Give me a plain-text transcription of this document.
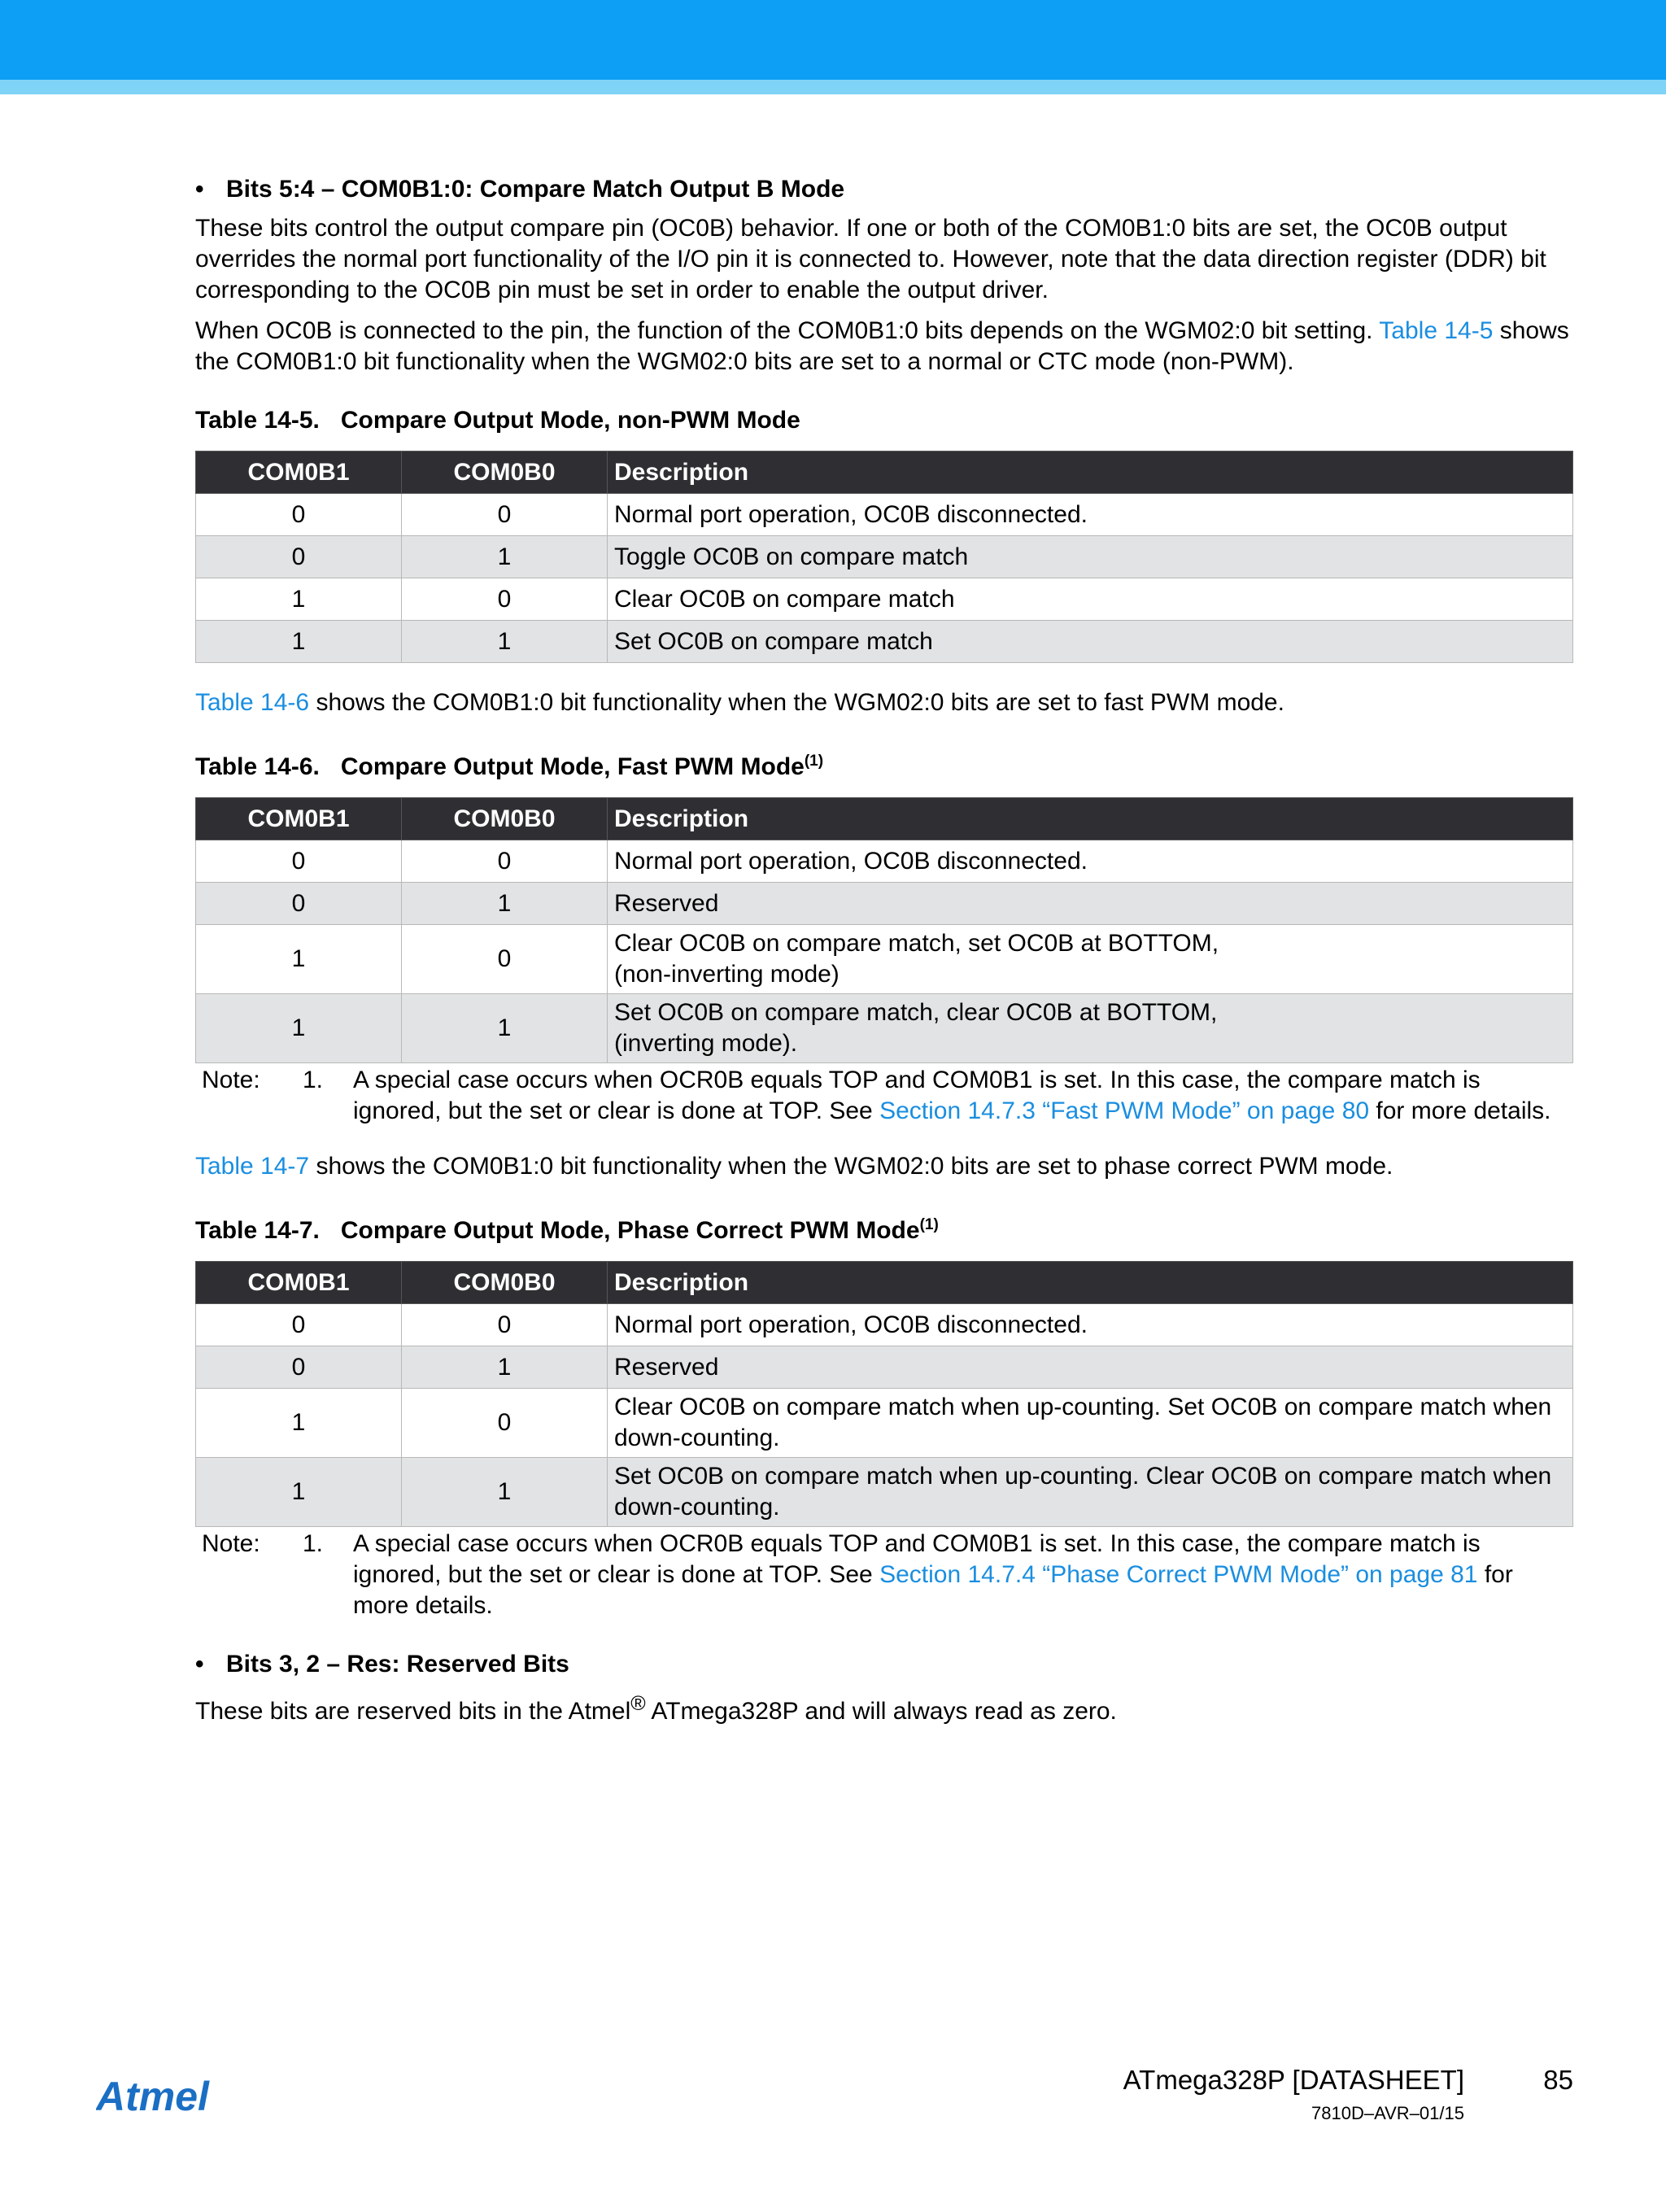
• Bits 5:4 – COM0B1:0: Compare Match Output B Mode

These bits control the output compare pin (OC0B) behavior. If one or both of the COM0B1:0 bits are set, the OC0B output overrides the normal port functionality of the I/O pin it is connected to. However, note that the data direction register (DDR) bit corresponding to the OC0B pin must be set in order to enable the output driver.

When OC0B is connected to the pin, the function of the COM0B1:0 bits depends on the WGM02:0 bit setting. Table 14-5 shows the COM0B1:0 bit functionality when the WGM02:0 bits are set to a normal or CTC mode (non-PWM).

Table 14-5. Compare Output Mode, non-PWM Mode
COM0B1	COM0B0	Description
0	0	Normal port operation, OC0B disconnected.
0	1	Toggle OC0B on compare match
1	0	Clear OC0B on compare match
1	1	Set OC0B on compare match

Table 14-6 shows the COM0B1:0 bit functionality when the WGM02:0 bits are set to fast PWM mode.

Table 14-6. Compare Output Mode, Fast PWM Mode$^{(1)}$
COM0B1	COM0B0	Description
0	0	Normal port operation, OC0B disconnected.
0	1	Reserved
1	0	Clear OC0B on compare match, set OC0B at BOTTOM,
(non-inverting mode)

1	1	Set OC0B on compare match, clear OC0B at BOTTOM,
(inverting mode).
Note:	1.	A special case occurs when OCR0B equals TOP and COM0B1 is set. In this case, the compare match is ignored, but the set or clear is done at TOP. See Section 14.7.3 “Fast PWM Mode” on page 80 for more details.

Table 14-7 shows the COM0B1:0 bit functionality when the WGM02:0 bits are set to phase correct PWM mode.

Table 14-7. Compare Output Mode, Phase Correct PWM Mode$^{(1)}$
COM0B1	COM0B0	Description
0	0	Normal port operation, OC0B disconnected.
0	1	Reserved
1	0	Clear OC0B on compare match when up-counting. Set OC0B on compare match when down-counting.
1	1	Set OC0B on compare match when up-counting. Clear OC0B on compare match when down-counting.
Note:	1.	A special case occurs when OCR0B equals TOP and COM0B1 is set. In this case, the compare match is ignored, but the set or clear is done at TOP. See Section 14.7.4 “Phase Correct PWM Mode” on page 81 for more details.
• Bits 3, 2 – Res: Reserved Bits

These bits are reserved bits in the Atmel® ATmega328P and will always read as zero.

Atmel	ATmega328P [DATASHEET]	85
7810D–AVR–01/15
